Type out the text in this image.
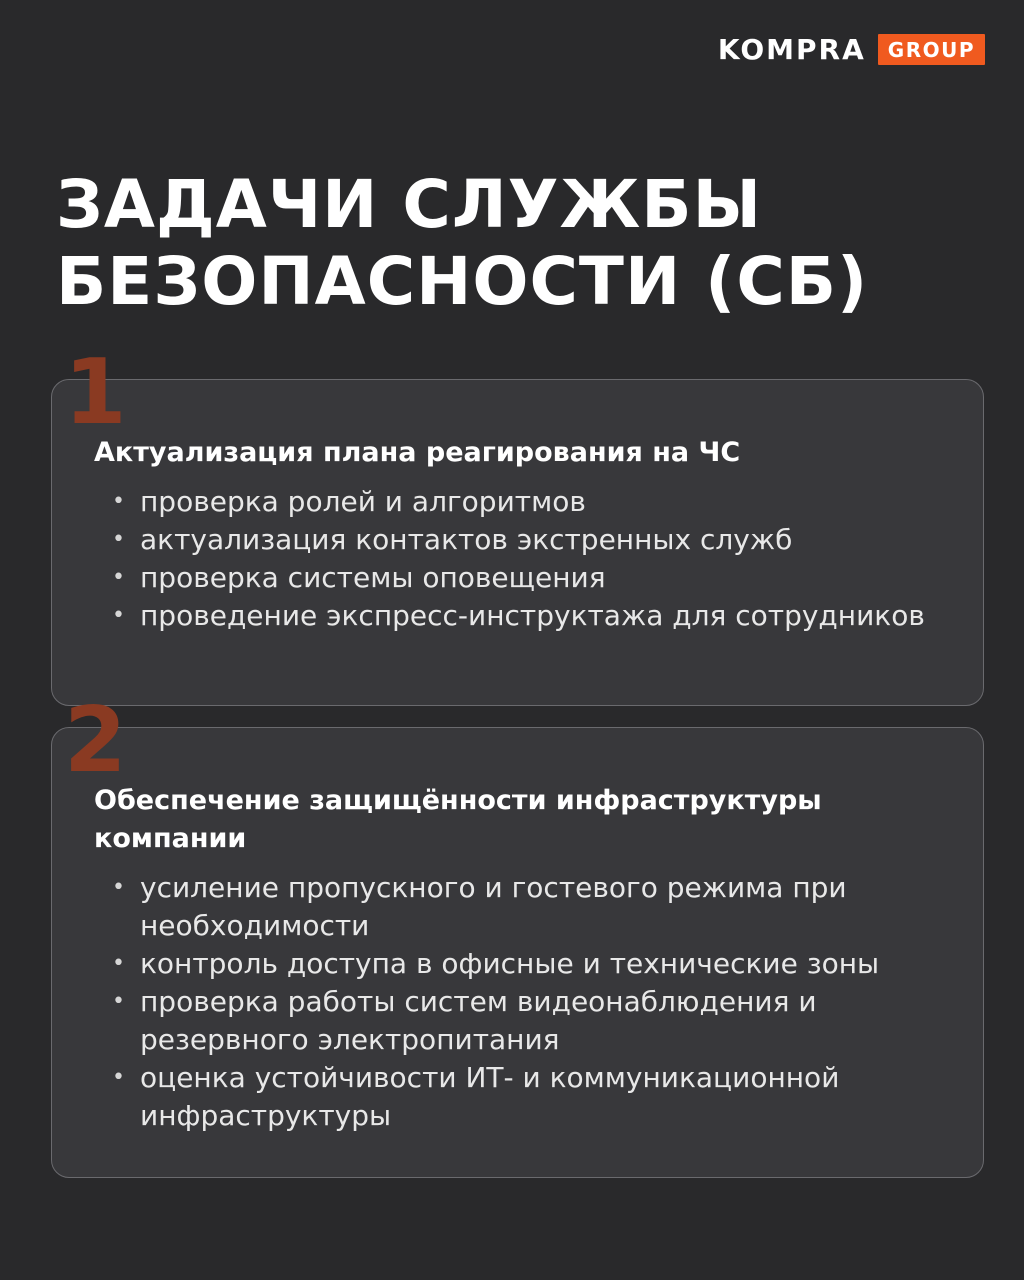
KOMPRA	GROUP
ЗАДАЧИ СЛУЖБЫ
БЕЗОПАСНОСТИ (СБ)
Актуализация плана реагирования на ЧС
• проверка ролей и алгоритмов
• актуализация контактов экстренных служб
• проверка системы оповещения
• проведение экспресс-инструктажа для сотрудников
1
Обеспечение защищённости инфраструктуры компании
• усиление пропускного и гостевого режима при необходимости
• контроль доступа в офисные и технические зоны
• проверка работы систем видеонаблюдения и резервного электропитания
• оценка устойчивости ИТ- и коммуникационной инфраструктуры
2
